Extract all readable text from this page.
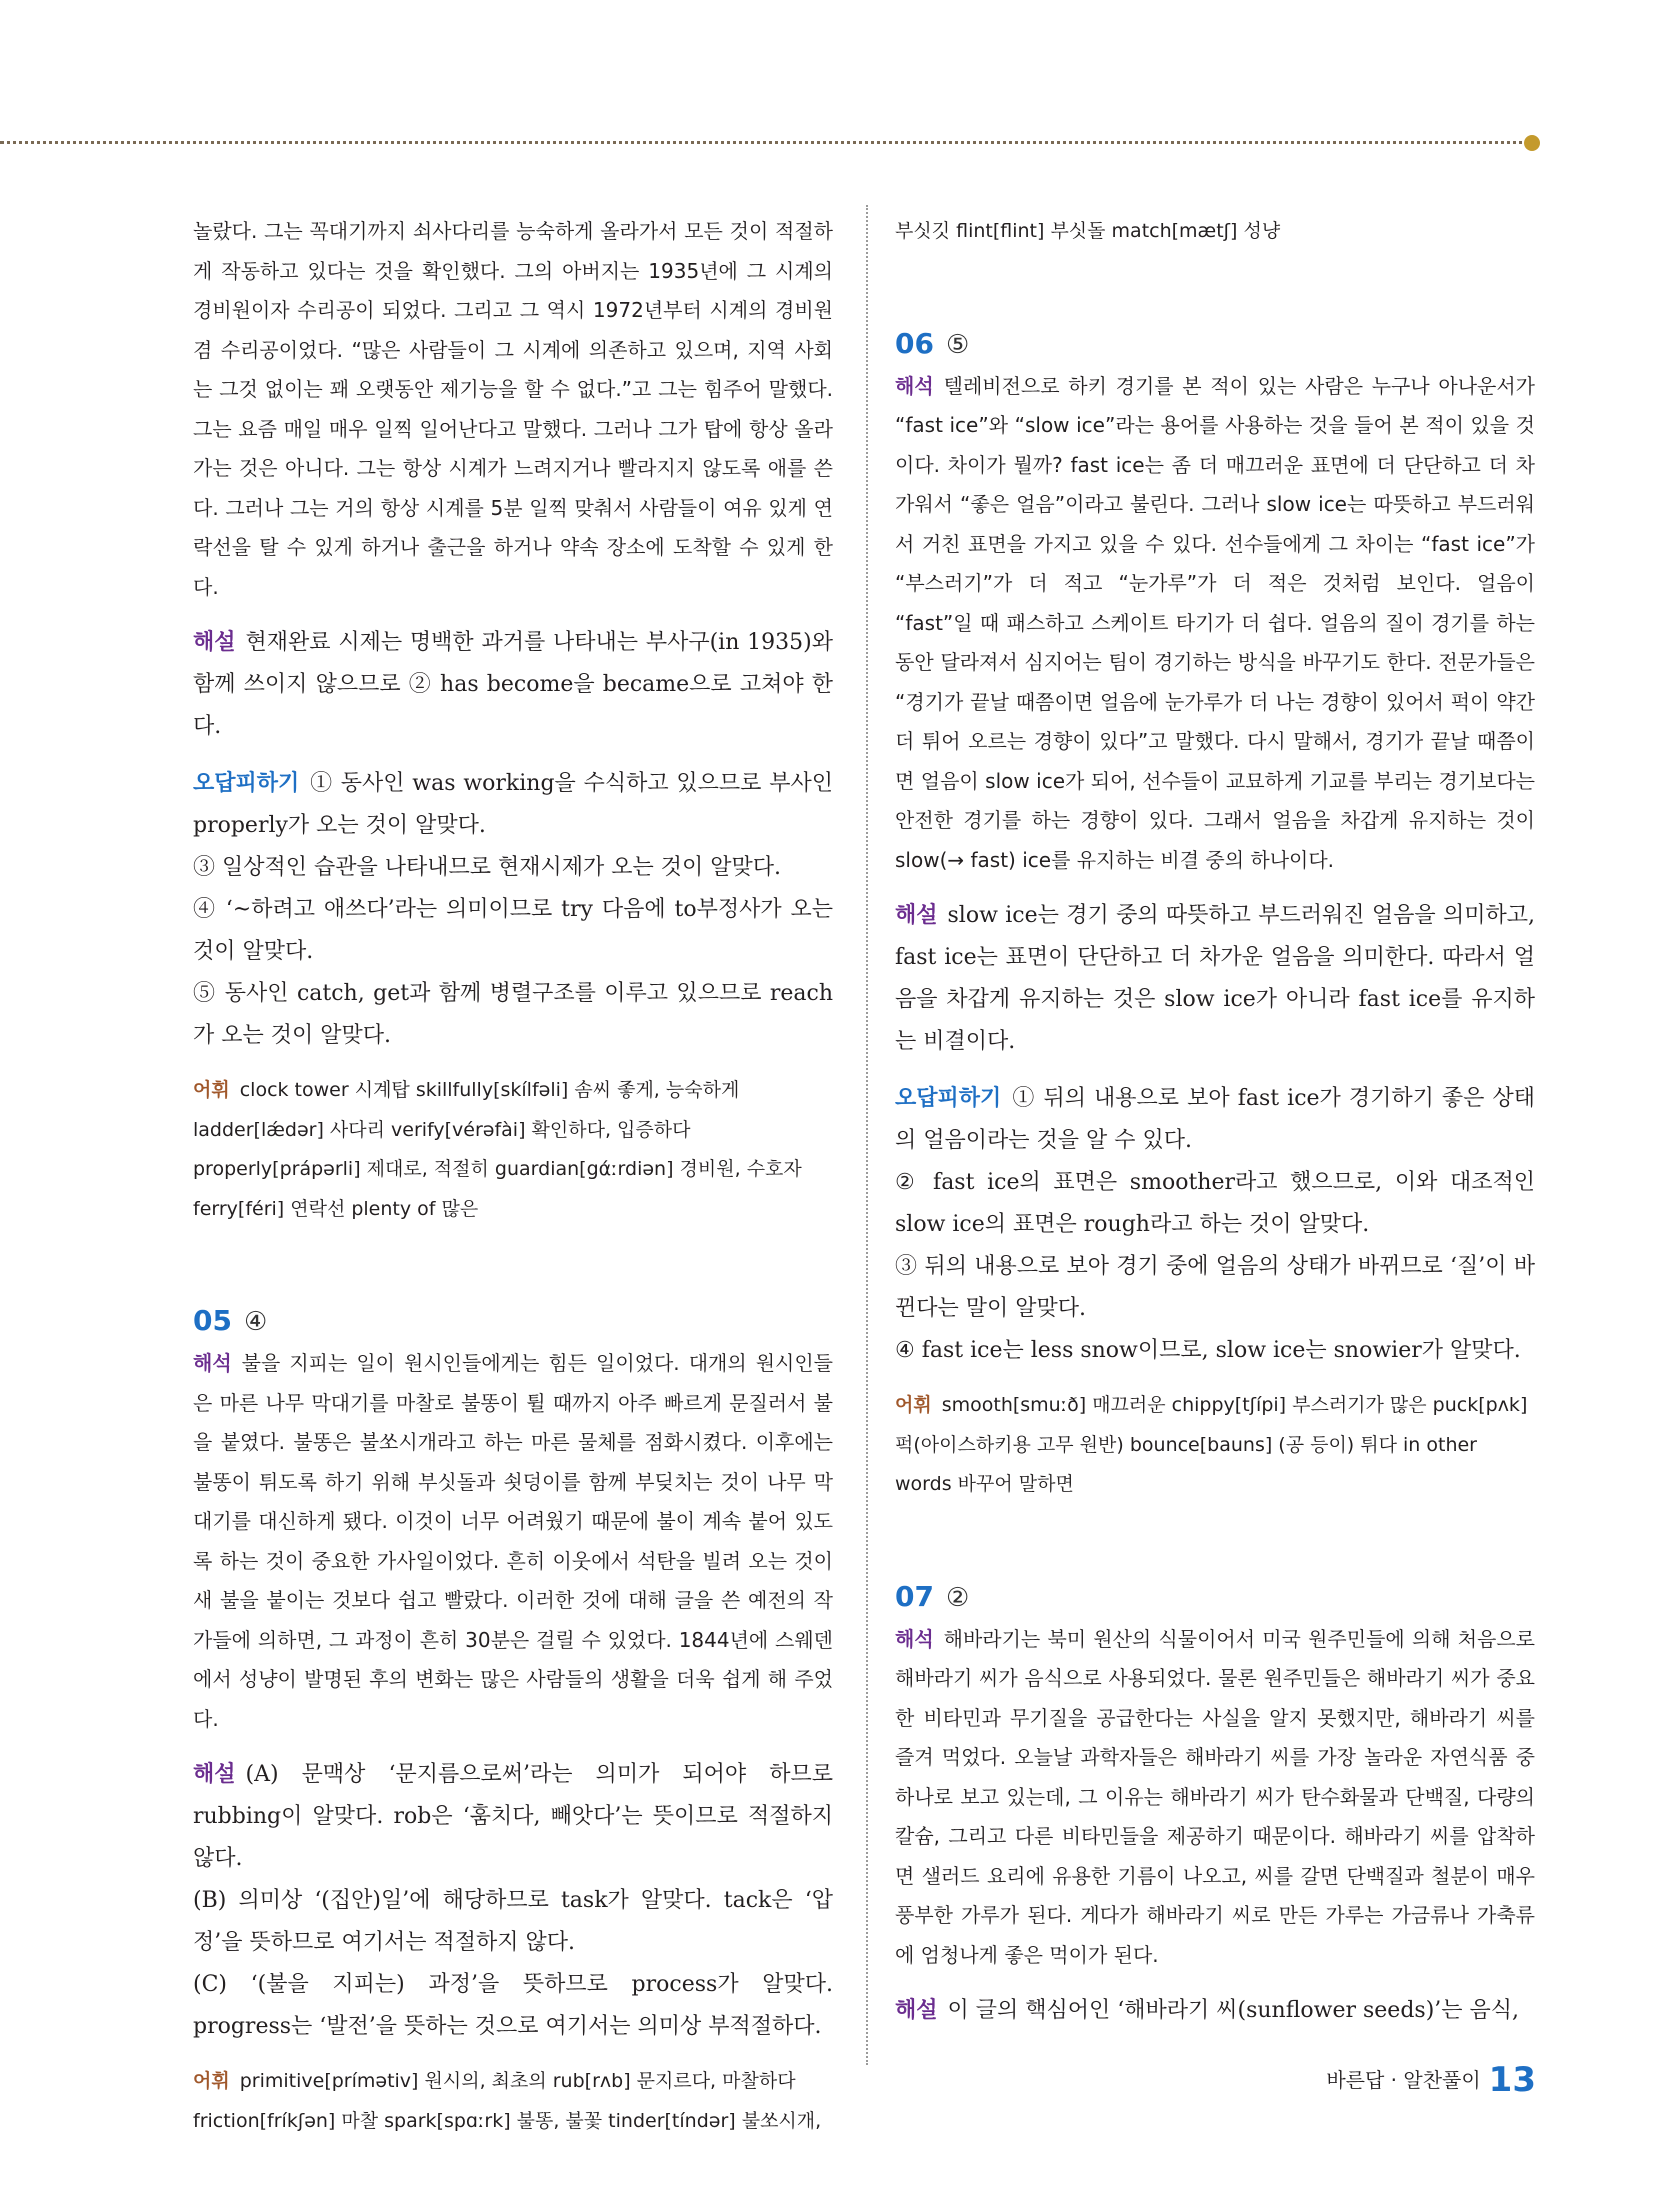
놀랐다. 그는 꼭대기까지 쇠사다리를 능숙하게 올라가서 모든 것이 적절하게 작동하고 있다는 것을 확인했다. 그의 아버지는 1935년에 그 시계의 경비원이자 수리공이 되었다. 그리고 그 역시 1972년부터 시계의 경비원 겸 수리공이었다. “많은 사람들이 그 시계에 의존하고 있으며, 지역 사회는 그것 없이는 꽤 오랫동안 제기능을 할 수 없다.”고 그는 힘주어 말했다. 그는 요즘 매일 매우 일찍 일어난다고 말했다. 그러나 그가 탑에 항상 올라가는 것은 아니다. 그는 항상 시계가 느려지거나 빨라지지 않도록 애를 쓴다. 그러나 그는 거의 항상 시계를 5분 일찍 맞춰서 사람들이 여유 있게 연락선을 탈 수 있게 하거나 출근을 하거나 약속 장소에 도착할 수 있게 한다.

해설 현재완료 시제는 명백한 과거를 나타내는 부사구(in 1935)와 함께 쓰이지 않으므로 ② has become을 became으로 고쳐야 한다.

오답피하기 ① 동사인 was working을 수식하고 있으므로 부사인 properly가 오는 것이 알맞다.

③ 일상적인 습관을 나타내므로 현재시제가 오는 것이 알맞다.

④ ‘~하려고 애쓰다’라는 의미이므로 try 다음에 to부정사가 오는 것이 알맞다.

⑤ 동사인 catch, get과 함께 병렬구조를 이루고 있으므로 reach가 오는 것이 알맞다.

어휘 clock tower 시계탑 skillfully[skílfəli] 솜씨 좋게, 능숙하게 ladder[lǽdər] 사다리 verify[vérəfài] 확인하다, 입증하다 properly[prápərli] 제대로, 적절히 guardian[gάːrdiən] 경비원, 수호자 ferry[féri] 연락선 plenty of 많은

05 ④

해석 불을 지피는 일이 원시인들에게는 힘든 일이었다. 대개의 원시인들은 마른 나무 막대기를 마찰로 불똥이 튈 때까지 아주 빠르게 문질러서 불을 붙였다. 불똥은 불쏘시개라고 하는 마른 물체를 점화시켰다. 이후에는 불똥이 튀도록 하기 위해 부싯돌과 쇳덩이를 함께 부딪치는 것이 나무 막대기를 대신하게 됐다. 이것이 너무 어려웠기 때문에 불이 계속 붙어 있도록 하는 것이 중요한 가사일이었다. 흔히 이웃에서 석탄을 빌려 오는 것이 새 불을 붙이는 것보다 쉽고 빨랐다. 이러한 것에 대해 글을 쓴 예전의 작가들에 의하면, 그 과정이 흔히 30분은 걸릴 수 있었다. 1844년에 스웨덴에서 성냥이 발명된 후의 변화는 많은 사람들의 생활을 더욱 쉽게 해 주었다.

해설 (A) 문맥상 ‘문지름으로써’라는 의미가 되어야 하므로 rubbing이 알맞다. rob은 ‘훔치다, 빼앗다’는 뜻이므로 적절하지 않다.

(B) 의미상 ‘(집안)일’에 해당하므로 task가 알맞다. tack은 ‘압정’을 뜻하므로 여기서는 적절하지 않다.

(C) ‘(불을 지피는) 과정’을 뜻하므로 process가 알맞다. progress는 ‘발전’을 뜻하는 것으로 여기서는 의미상 부적절하다.

어휘 primitive[prímətiv] 원시의, 최초의 rub[rʌb] 문지르다, 마찰하다 friction[fríkʃən] 마찰 spark[spɑːrk] 불똥, 불꽃 tinder[tíndər] 불쏘시개,

부싯깃 flint[flint] 부싯돌 match[mætʃ] 성냥

06 ⑤

해석 텔레비전으로 하키 경기를 본 적이 있는 사람은 누구나 아나운서가 “fast ice”와 “slow ice”라는 용어를 사용하는 것을 들어 본 적이 있을 것이다. 차이가 뭘까? fast ice는 좀 더 매끄러운 표면에 더 단단하고 더 차가워서 “좋은 얼음”이라고 불린다. 그러나 slow ice는 따뜻하고 부드러워서 거친 표면을 가지고 있을 수 있다. 선수들에게 그 차이는 “fast ice”가 “부스러기”가 더 적고 “눈가루”가 더 적은 것처럼 보인다. 얼음이 “fast”일 때 패스하고 스케이트 타기가 더 쉽다. 얼음의 질이 경기를 하는 동안 달라져서 심지어는 팀이 경기하는 방식을 바꾸기도 한다. 전문가들은 “경기가 끝날 때쯤이면 얼음에 눈가루가 더 나는 경향이 있어서 퍽이 약간 더 튀어 오르는 경향이 있다”고 말했다. 다시 말해서, 경기가 끝날 때쯤이면 얼음이 slow ice가 되어, 선수들이 교묘하게 기교를 부리는 경기보다는 안전한 경기를 하는 경향이 있다. 그래서 얼음을 차갑게 유지하는 것이 slow(→ fast) ice를 유지하는 비결 중의 하나이다.

해설 slow ice는 경기 중의 따뜻하고 부드러워진 얼음을 의미하고, fast ice는 표면이 단단하고 더 차가운 얼음을 의미한다. 따라서 얼음을 차갑게 유지하는 것은 slow ice가 아니라 fast ice를 유지하는 비결이다.

오답피하기 ① 뒤의 내용으로 보아 fast ice가 경기하기 좋은 상태의 얼음이라는 것을 알 수 있다.

② fast ice의 표면은 smoother라고 했으므로, 이와 대조적인 slow ice의 표면은 rough라고 하는 것이 알맞다.

③ 뒤의 내용으로 보아 경기 중에 얼음의 상태가 바뀌므로 ‘질’이 바뀐다는 말이 알맞다.

④ fast ice는 less snow이므로, slow ice는 snowier가 알맞다.

어휘 smooth[smuːð] 매끄러운 chippy[tʃípi] 부스러기가 많은 puck[pʌk] 퍽(아이스하키용 고무 원반) bounce[bauns] (공 등이) 튀다 in other words 바꾸어 말하면

07 ②

해석 해바라기는 북미 원산의 식물이어서 미국 원주민들에 의해 처음으로 해바라기 씨가 음식으로 사용되었다. 물론 원주민들은 해바라기 씨가 중요한 비타민과 무기질을 공급한다는 사실을 알지 못했지만, 해바라기 씨를 즐겨 먹었다. 오늘날 과학자들은 해바라기 씨를 가장 놀라운 자연식품 중 하나로 보고 있는데, 그 이유는 해바라기 씨가 탄수화물과 단백질, 다량의 칼슘, 그리고 다른 비타민들을 제공하기 때문이다. 해바라기 씨를 압착하면 샐러드 요리에 유용한 기름이 나오고, 씨를 갈면 단백질과 철분이 매우 풍부한 가루가 된다. 게다가 해바라기 씨로 만든 가루는 가금류나 가축류에 엄청나게 좋은 먹이가 된다.

해설 이 글의 핵심어인 ‘해바라기 씨(sunflower seeds)’는 음식,

바른답 · 알찬풀이 13
